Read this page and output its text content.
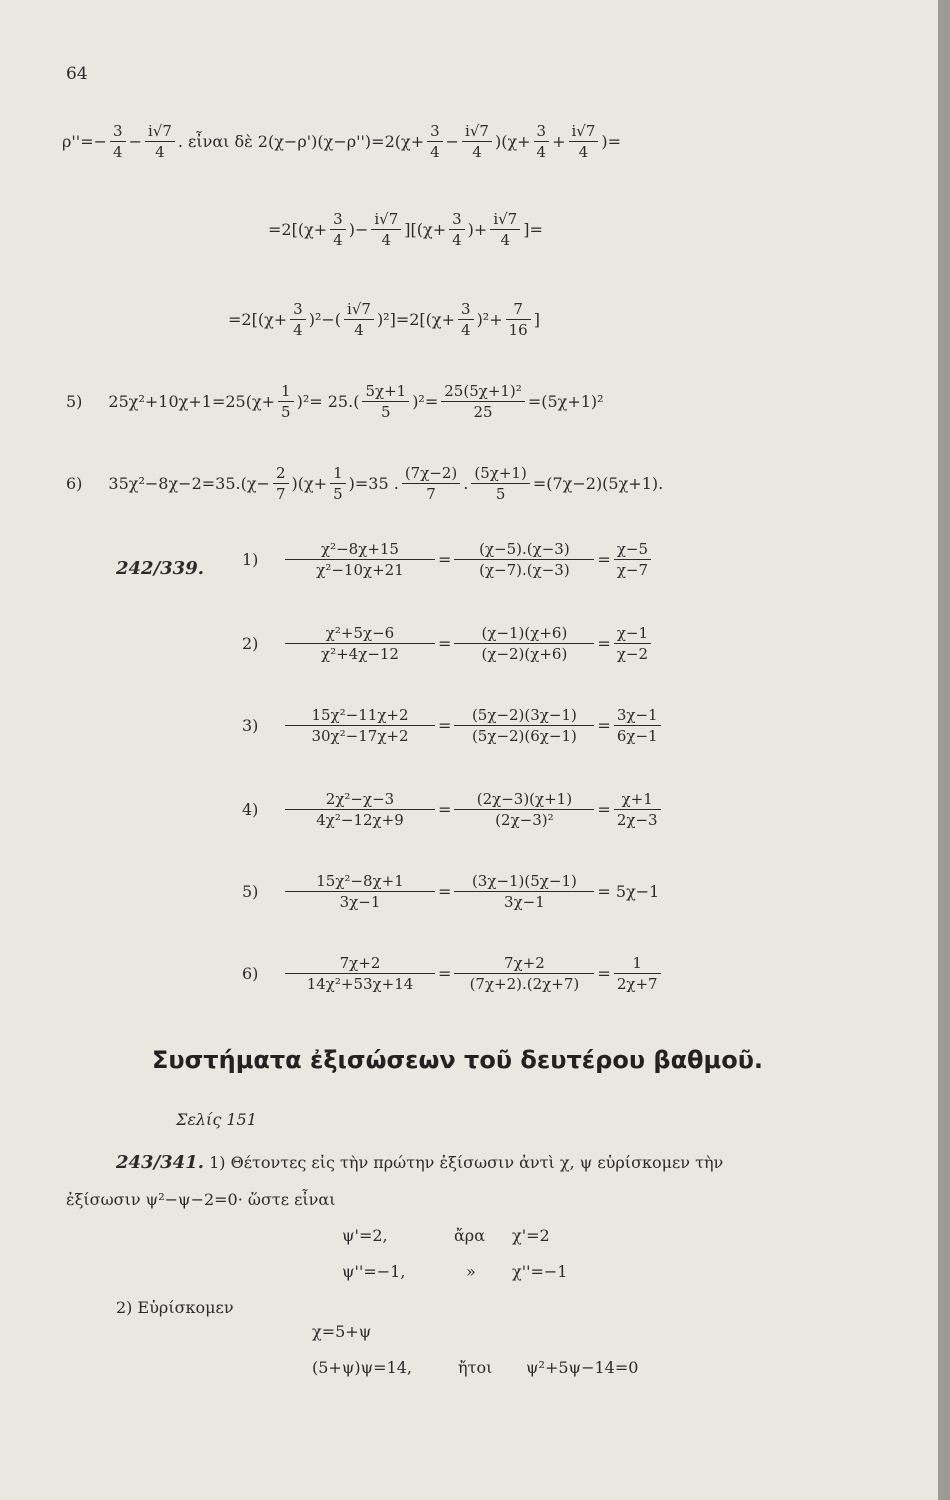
64
$\rho''=- \frac{3}{4} - \frac{i√7}{4}$ . εἶναι δὲ $2(\chi-\rho')(\chi-\rho'')=2(\chi+ \frac{3}{4} - \frac{i√7}{4} )(\chi+ \frac{3}{4} + \frac{i√7}{4}$ )=
$=2[(\chi+ \frac{3}{4}$ )− $\frac{i√7}{4} ][(\chi+ \frac{3}{4}$ )+ $\frac{i√7}{4}$ ]=
$=2[(\chi+ \frac{3}{4} )^2-( \frac{i√7}{4} )^2]=2[(\chi+ \frac{3}{4} )^2+ \frac{7}{16}$ ]
5) $25\chi^2+10\chi+1=25(\chi+ \frac{1}{5} )^2= 25.( \frac{5\chi+1}{5} )^2= \frac{\text{25(5χ+1)²}}{25} =(5\chi+1)^2$
6) $35\chi^2-8\chi-2=35.(\chi- \frac{2}{7} )(\chi+ \frac{1}{5} )=35$ . $\frac{(7\chi-2)}{7}$ . $\frac{(5\chi+1)}{5} =(7\chi-2)(5\chi+1)$.
242/339. $1) \frac{\text{χ²−8χ+15}}{\text{χ²−10χ+21}} = \frac{(\chi-5).(\chi-3)}{(\chi-7).(\chi-3)} = \frac{\chi-5}{\chi-7}$
$2) \frac{\text{χ²+5χ−6}}{\text{χ²+4χ−12}} = \frac{(\chi-1)(\chi+6)}{(\chi-2)(\chi+6)} = \frac{\chi-1}{\chi-2}$
$3) \frac{\text{15χ²−11χ+2}}{\text{30χ²−17χ+2}} = \frac{(5\chi-2)(3\chi-1)}{(5\chi-2)(6\chi-1)} = \frac{3\chi-1}{6\chi-1}$
$4) \frac{\text{2χ²−χ−3}}{\text{4χ²−12χ+9}} = \frac{(2\chi-3)(\chi+1)}{\text{(2χ−3)²}} = \frac{\chi+1}{2\chi-3}$
$5) \frac{\text{15χ²−8χ+1}}{3\chi-1} = \frac{(3\chi-1)(5\chi-1)}{3\chi-1} = 5\chi-1$
$6) \frac{7\chi+2}{\text{14χ²+53χ+14}} = \frac{7\chi+2}{(7\chi+2).(2\chi+7)} = \frac{1}{2\chi+7}$
Συστήματα ἐξισώσεων τοῦ δευτέρου βαθμοῦ.
Σελίς 151
243/341. 1) Θέτοντες εἰς τὴν πρώτην ἐξίσωσιν ἀντὶ χ, ψ εὑρίσκομεν τὴν
ἐξίσωσιν ψ²−ψ−2=0· ὥστε εἶναι
ψ'=2,	ἄρα χ'=2
ψ''=−1,	» χ''=−1
2) Εὑρίσκομεν
χ=5+ψ
(5+ψ)ψ=14,	ἤτοι ψ²+5ψ−14=0
